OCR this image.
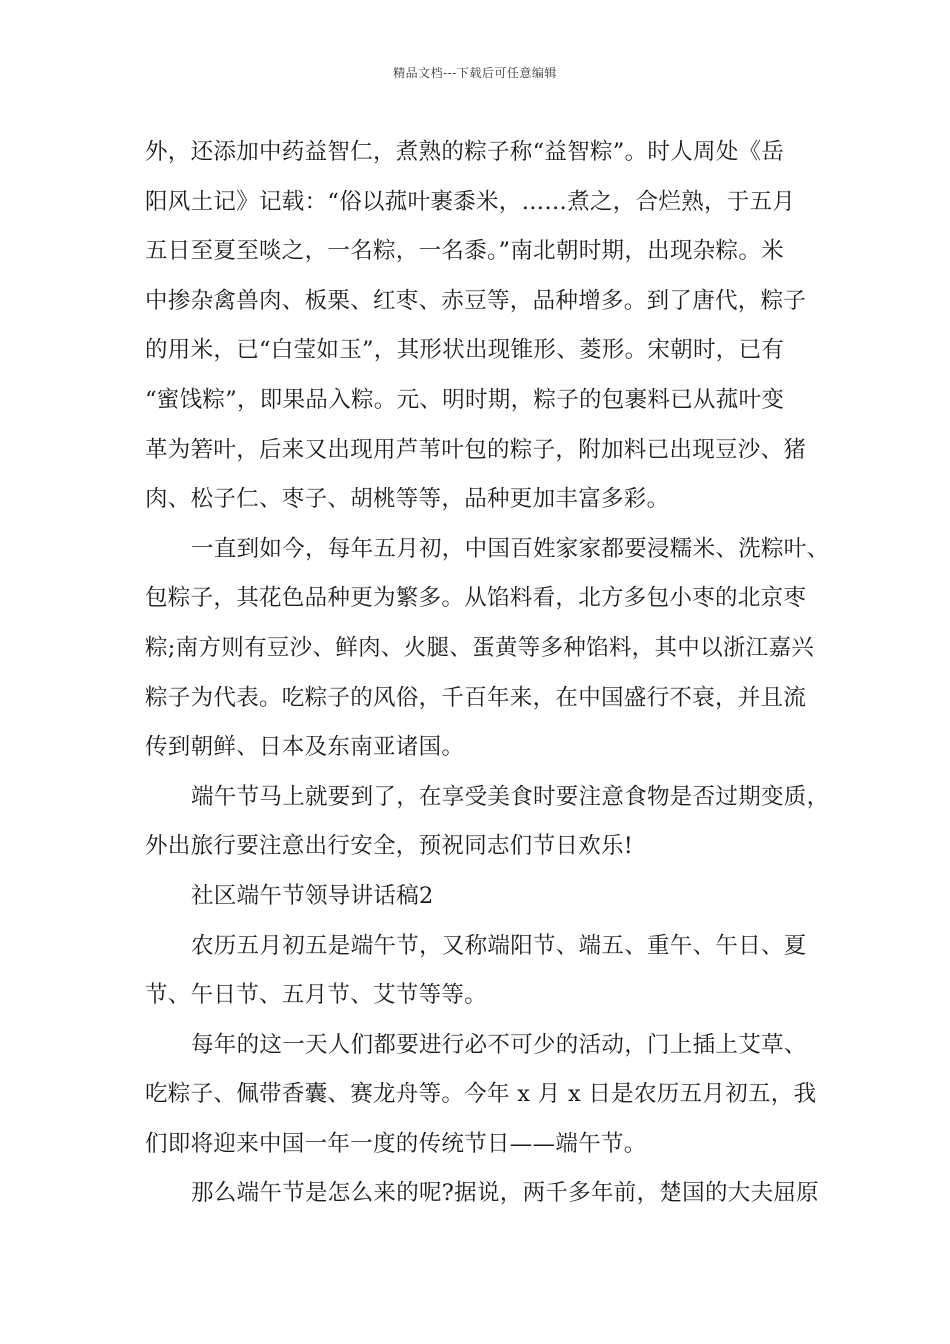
精品文档---下载后可任意编辑
外，还添加中药益智仁，煮熟的粽子称“益智粽”。时人周处《岳
阳风土记》记载：“俗以菰叶裹黍米，……煮之，合烂熟，于五月
五日至夏至啖之，一名粽，一名黍。”南北朝时期，出现杂粽。米
中掺杂禽兽肉、板栗、红枣、赤豆等，品种增多。到了唐代，粽子
的用米，已“白莹如玉”，其形状出现锥形、菱形。宋朝时，已有
“蜜饯粽”，即果品入粽。元、明时期，粽子的包裹料已从菰叶变
革为箬叶，后来又出现用芦苇叶包的粽子，附加料已出现豆沙、猪
肉、松子仁、枣子、胡桃等等，品种更加丰富多彩。
一直到如今，每年五月初，中国百姓家家都要浸糯米、洗粽叶、
包粽子，其花色品种更为繁多。从馅料看，北方多包小枣的北京枣
粽;南方则有豆沙、鲜肉、火腿、蛋黄等多种馅料，其中以浙江嘉兴
粽子为代表。吃粽子的风俗，千百年来，在中国盛行不衰，并且流
传到朝鲜、日本及东南亚诸国。
端午节马上就要到了，在享受美食时要注意食物是否过期变质，
外出旅行要注意出行安全，预祝同志们节日欢乐!
社区端午节领导讲话稿2
农历五月初五是端午节，又称端阳节、端五、重午、午日、夏
节、午日节、五月节、艾节等等。
每年的这一天人们都要进行必不可少的活动，门上插上艾草、
吃粽子、佩带香囊、赛龙舟等。今年 x 月 x 日是农历五月初五，我
们即将迎来中国一年一度的传统节日——端午节。
那么端午节是怎么来的呢?据说，两千多年前，楚国的大夫屈原
